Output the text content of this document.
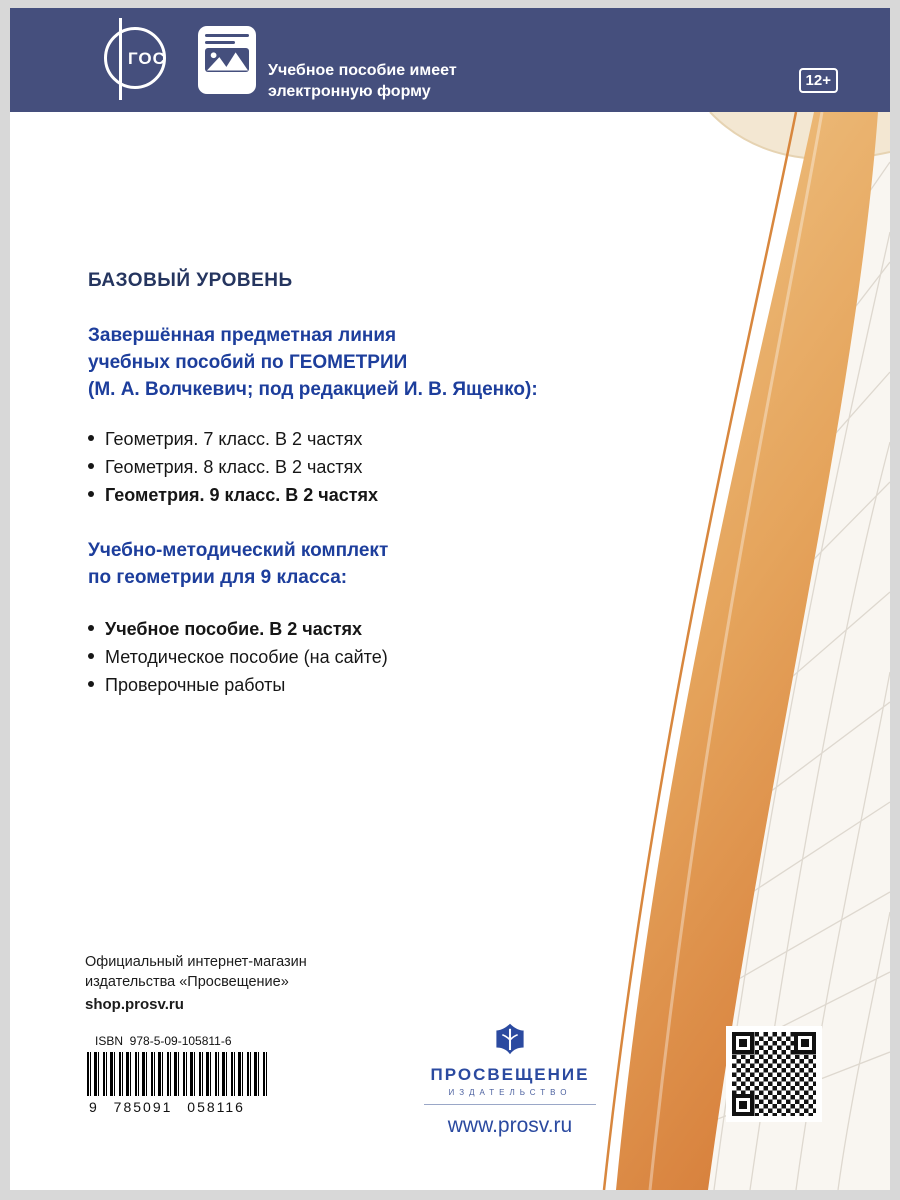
ГОС
Учебное пособие имеет
электронную форму
12+
БАЗОВЫЙ УРОВЕНЬ
Завершённая предметная линия
учебных пособий по ГЕОМЕТРИИ
(М. А. Волчкевич; под редакцией И. В. Ященко):
Геометрия. 7 класс. В 2 частях
Геометрия. 8 класс. В 2 частях
Геометрия. 9 класс. В 2 частях
Учебно-методический комплект
по геометрии для 9 класса:
Учебное пособие. В 2 частях
Методическое пособие (на сайте)
Проверочные работы
Официальный интернет-магазин
издательства «Просвещение»
shop.prosv.ru
ISBN  978-5-09-105811-6
9 785091 058116
ПРОСВЕЩЕНИЕ
ИЗДАТЕЛЬСТВО
www.prosv.ru
